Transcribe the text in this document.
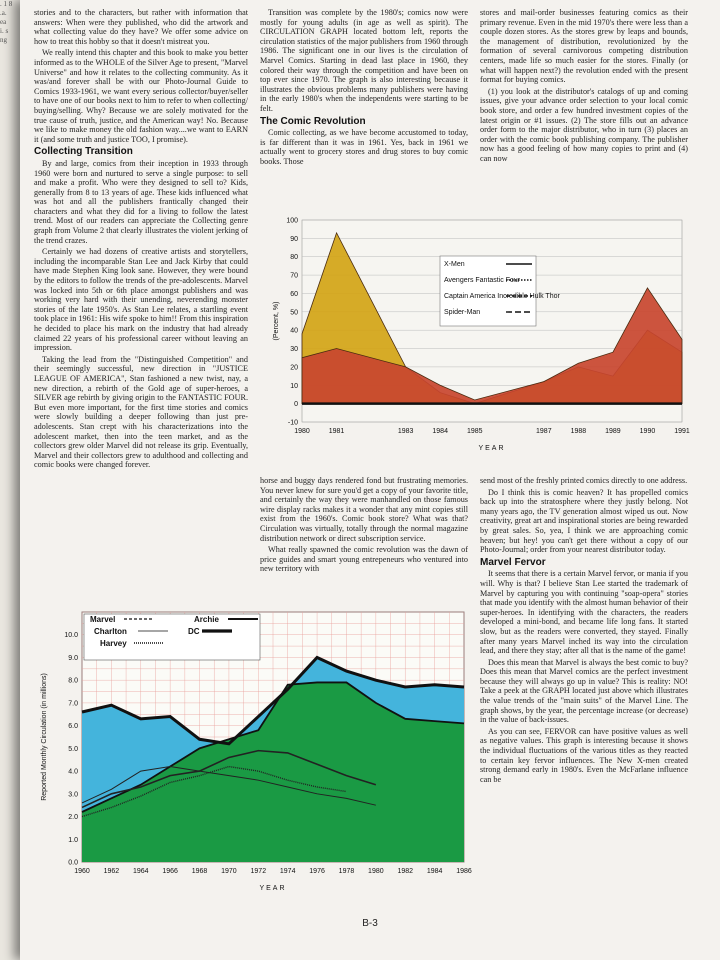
. 1 8
.a.
ea
i. s
ng

stories and to the characters, but rather with information that answers: When were they published, who did the artwork and what collecting value do they have? We offer some advice on how to treat this hobby so that it doesn't mistreat you.

We really intend this chapter and this book to make you better informed as to the WHOLE of the Silver Age to present, "Marvel Universe" and how it relates to the collecting community. As it was/and forever shall be with our Photo-Journal Guide to Comics 1933-1961, we want every serious collector/buyer/seller to have one of our books next to him to refer to when collecting/ buying/selling. Why? Because we are solely motivated for the true cause of truth, justice, and the American way! No. Because we like to make money the old fashion way....we want to EARN it (and some truth and justice TOO, I promise).

Collecting Transition

By and large, comics from their inception in 1933 through 1960 were born and nurtured to serve a single purpose: to sell and make a profit. Who were they designed to sell to? Kids, generally from 8 to 13 years of age. These kids influenced what was hot and all the publishers frantically changed their characters and what they did for a living to follow the latest trend. Most of our readers can appreciate the Collecting genre graph from Volume 2 that clearly illustrates the violent jerking of the trend crazes.

Certainly we had dozens of creative artists and storytellers, including the incomparable Stan Lee and Jack Kirby that could have made Stephen King look sane. However, they were bound by the editors to follow the trends of the pre-adolescents. Marvel was locked into 5th or 6th place amongst publishers and was working very hard with their unending, neverending monster stories of the late 1950's. As Stan Lee relates, a startling event took place in 1961: His wife spoke to him!! From this inspiration he decided to place his mark on the industry that had already claimed 22 years of his professional career without leaving an impression.

Taking the lead from the "Distinguished Competition" and their seemingly successful, new direction in "JUSTICE LEAGUE OF AMERICA", Stan fashioned a new twist, nay, a new direction, a rebirth of the Gold age of super-heroes, a SILVER age rebirth by giving origin to the FANTASTIC FOUR. But even more important, for the first time stories and comics were slowly building a deeper following than just pre-adolescents. Stan crept with his characterizations into the adolescent market, then into the teen market, and as the collectors grew older Marvel did not release its grip. Eventually, Marvel and their collectors grew to adulthood and collecting and comic books were changed forever.

Transition was complete by the 1980's; comics now were mostly for young adults (in age as well as spirit). The CIRCULATION GRAPH located bottom left, reports the circulation statistics of the major publishers from 1960 through 1986. The significant one in our lives is the circulation of Marvel Comics. Starting in dead last place in 1960, they colored their way through the competition and have been on top ever since 1970. The graph is also interesting because it illustrates the obvious problems many publishers were having in the early 1980's when the independents were starting to be felt.

The Comic Revolution

Comic collecting, as we have become accustomed to today, is far different than it was in 1961. Yes, back in 1961 we actually went to grocery stores and drug stores to buy comic books. Those

stores and mail-order businesses featuring comics as their primary revenue. Even in the mid 1970's there were less than a couple dozen stores. As the stores grew by leaps and bounds, the management of distribution, revolutionized by the formation of several carnivorous competing distribution centers, made life so much easier for the stores. Finally (or what will happen next?) the revolution ended with the present format for buying comics.

(1) you look at the distributor's catalogs of up and coming issues, give your advance order selection to your local comic book store, and order a few hundred investment copies of the latest origin or #1 issues. (2) The store fills out an advance order form to the major distributor, who in turn (3) places an order with the comic book publishing company. The publisher now has a good feeling of how many copies to print and (4) can now

-10
0
10
20
30
40
50
60
70
80
90
100
1980	1981	1983	1984	1985	1987	1988	1989	1990	1991
YEAR
(Percent, %)
X-Men
Avengers Fantastic Four
Captain America Incredible Hulk Thor
Spider-Man

horse and buggy days rendered fond but frustrating memories. You never knew for sure you'd get a copy of your favorite title, and certainly the way they were manhandled on those famous wire display racks makes it a wonder that any mint copies still exist from the 1960's. Comic book store? What was that? Circulation was virtually, totally through the normal magazine distribution network or direct subscription service.

What really spawned the comic revolution was the dawn of price guides and smart young entrepeneurs who ventured into new territory with

send most of the freshly printed comics directly to one address.

Do I think this is comic heaven? It has propelled comics back up into the stratosphere where they justly belong. Not many years ago, the TV generation almost wiped us out. Now creativity, great art and inspirational stories are being rewarded by great sales. So, yea, I think we are approaching comic heaven; but hey! you can't get there without a copy of our Photo-Journal; order from your nearest distributor today.

Marvel Fervor

It seems that there is a certain Marvel fervor, or mania if you will. Why is that? I believe Stan Lee started the trademark of Marvel by capturing you with continuing "soap-opera" stories that made you identify with the almost human behavior of their super-heroes. In identifying with the characters, the readers developed a mini-bond, and became life long fans. It started slow, but as the readers were converted, they stayed. Finally after many years Marvel inched its way into the circulation lead, and there they stay; after all that is the name of the game!

Does this mean that Marvel is always the best comic to buy? Does this mean that Marvel comics are the perfect investment because they will always go up in value? This is reality: NO! Take a peek at the GRAPH located just above which illustrates the value trends of the "main suits" of the Marvel Line. The graph shows, by the year, the percentage increase (or decrease) in the value of back-issues.

As you can see, FERVOR can have positive values as well as negative values. This graph is interesting because it shows the individual fluctuations of the various titles as they reacted to certain key fervor influences. The New X-men created strong demand early in 1980's. Even the McFarlane influence can be

0.0
1.0
2.0
3.0
4.0
5.0
6.0
7.0
8.0
9.0
10.0
1960 1962 1964 1966 1968 1970 1972 1974 1976 1978 1980 1982 1984 1986
YEAR
Reported Monthly Circulation (in millions)
Marvel	Archie
Charlton	DC
Harvey
B-3
